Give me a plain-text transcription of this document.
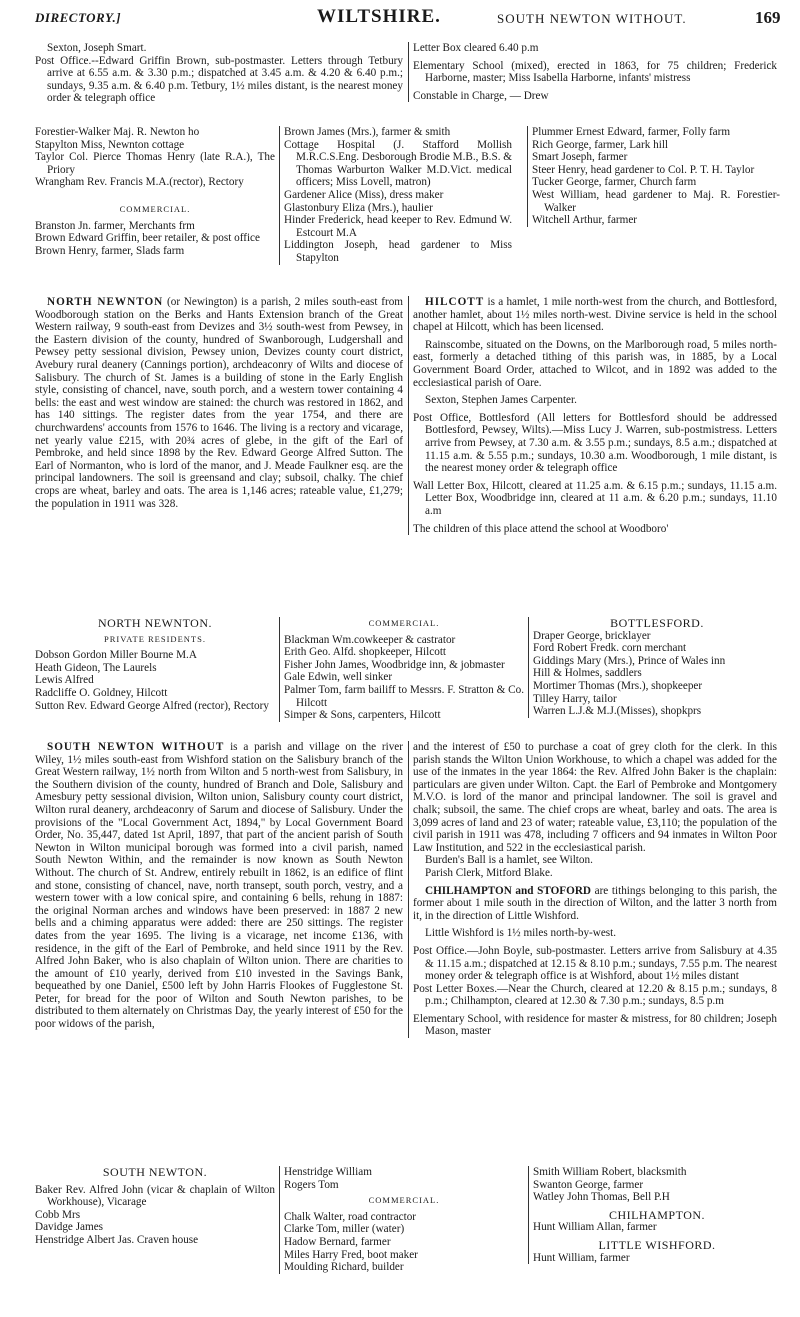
DIRECTORY.]	WILTSHIRE.	SOUTH NEWTON WITHOUT.	169

Sexton, Joseph Smart.

Post Office.--Edward Griffin Brown, sub-postmaster. Letters through Tetbury arrive at 6.55 a.m. & 3.30 p.m.; dispatched at 3.45 a.m. & 4.20 & 6.40 p.m.; sundays, 9.35 a.m. & 6.40 p.m. Tetbury, 1½ miles distant, is the nearest money order & telegraph office

Letter Box cleared 6.40 p.m

Elementary School (mixed), erected in 1863, for 75 children; Frederick Harborne, master; Miss Isabella Harborne, infants' mistress

Constable in Charge, — Drew

Forestier-Walker Maj. R. Newton ho

Stapylton Miss, Newnton cottage

Taylor Col. Pierce Thomas Henry (late R.A.), The Priory

Wrangham Rev. Francis M.A.(rector), Rectory

COMMERCIAL.

Branston Jn. farmer, Merchants frm

Brown Edward Griffin, beer retailer, & post office

Brown Henry, farmer, Slads farm

Brown James (Mrs.), farmer & smith

Cottage Hospital (J. Stafford Mollish M.R.C.S.Eng. Desborough Brodie M.B., B.S. & Thomas Warburton Walker M.D.Vict. medical officers; Miss Lovell, matron)

Gardener Alice (Miss), dress maker

Glastonbury Eliza (Mrs.), haulier

Hinder Frederick, head keeper to Rev. Edmund W. Estcourt M.A

Liddington Joseph, head gardener to Miss Stapylton

Plummer Ernest Edward, farmer, Folly farm

Rich George, farmer, Lark hill

Smart Joseph, farmer

Steer Henry, head gardener to Col. P. T. H. Taylor

Tucker George, farmer, Church farm

West William, head gardener to Maj. R. Forestier-Walker

Witchell Arthur, farmer

NORTH NEWNTON (or Newington) is a parish, 2 miles south-east from Woodborough station on the Berks and Hants Extension branch of the Great Western railway, 9 south-east from Devizes and 3½ south-west from Pewsey, in the Eastern division of the county, hundred of Swanborough, Ludgershall and Pewsey petty sessional division, Pewsey union, Devizes county court district, Avebury rural deanery (Cannings portion), archdeaconry of Wilts and diocese of Salisbury. The church of St. James is a building of stone in the Early English style, consisting of chancel, nave, south porch, and a western tower containing 4 bells: the east and west window are stained: the church was restored in 1862, and has 140 sittings. The register dates from the year 1754, and there are churchwardens' accounts from 1576 to 1646. The living is a rectory and vicarage, net yearly value £215, with 20¾ acres of glebe, in the gift of the Earl of Pembroke, and held since 1898 by the Rev. Edward George Alfred Sutton. The Earl of Normanton, who is lord of the manor, and J. Meade Faulkner esq. are the principal landowners. The soil is greensand and clay; subsoil, chalky. The chief crops are wheat, barley and oats. The area is 1,146 acres; rateable value, £1,279; the population in 1911 was 328.

HILCOTT is a hamlet, 1 mile north-west from the church, and Bottlesford, another hamlet, about 1½ miles north-west. Divine service is held in the school chapel at Hilcott, which has been licensed.

Rainscombe, situated on the Downs, on the Marlborough road, 5 miles north-east, formerly a detached tithing of this parish was, in 1885, by a Local Government Board Order, attached to Wilcot, and in 1892 was added to the ecclesiastical parish of Oare.

Sexton, Stephen James Carpenter.

Post Office, Bottlesford (All letters for Bottlesford should be addressed Bottlesford, Pewsey, Wilts).—Miss Lucy J. Warren, sub-postmistress. Letters arrive from Pewsey, at 7.30 a.m. & 3.55 p.m.; sundays, 8.5 a.m.; dispatched at 11.15 a.m. & 5.55 p.m.; sundays, 10.30 a.m. Woodborough, 1 mile distant, is the nearest money order & telegraph office

Wall Letter Box, Hilcott, cleared at 11.25 a.m. & 6.15 p.m.; sundays, 11.15 a.m. Letter Box, Woodbridge inn, cleared at 11 a.m. & 6.20 p.m.; sundays, 11.10 a.m

The children of this place attend the school at Woodboro'

NORTH NEWNTON.

PRIVATE RESIDENTS.

Dobson Gordon Miller Bourne M.A

Heath Gideon, The Laurels

Lewis Alfred

Radcliffe O. Goldney, Hilcott

Sutton Rev. Edward George Alfred (rector), Rectory

COMMERCIAL.

Blackman Wm.cowkeeper & castrator

Erith Geo. Alfd. shopkeeper, Hilcott

Fisher John James, Woodbridge inn, & jobmaster

Gale Edwin, well sinker

Palmer Tom, farm bailiff to Messrs. F. Stratton & Co. Hilcott

Simper & Sons, carpenters, Hilcott

BOTTLESFORD.

Draper George, bricklayer

Ford Robert Fredk. corn merchant

Giddings Mary (Mrs.), Prince of Wales inn

Hill & Holmes, saddlers

Mortimer Thomas (Mrs.), shopkeeper

Tilley Harry, tailor

Warren L.J.& M.J.(Misses), shopkprs

SOUTH NEWTON WITHOUT is a parish and village on the river Wiley, 1½ miles south-east from Wishford station on the Salisbury branch of the Great Western railway, 1½ north from Wilton and 5 north-west from Salisbury, in the Southern division of the county, hundred of Branch and Dole, Salisbury and Amesbury petty sessional division, Wilton union, Salisbury county court district, Wilton rural deanery, archdeaconry of Sarum and diocese of Salisbury. Under the provisions of the "Local Government Act, 1894," by Local Government Board Order, No. 35,447, dated 1st April, 1897, that part of the ancient parish of South Newton in Wilton municipal borough was formed into a civil parish, named South Newton Within, and the remainder is now known as South Newton Without. The church of St. Andrew, entirely rebuilt in 1862, is an edifice of flint and stone, consisting of chancel, nave, north transept, south porch, vestry, and a western tower with a low conical spire, and containing 6 bells, rehung in 1887: the original Norman arches and windows have been preserved: in 1887 2 new bells and a chiming apparatus were added: there are 250 sittings. The register dates from the year 1695. The living is a vicarage, net income £136, with residence, in the gift of the Earl of Pembroke, and held since 1911 by the Rev. Alfred John Baker, who is also chaplain of Wilton union. There are charities to the amount of £10 yearly, derived from £10 invested in the Savings Bank, bequeathed by one Daniel, £500 left by John Harris Flookes of Fugglestone St. Peter, for bread for the poor of Wilton and South Newton parishes, to be distributed to them alternately on Christmas Day, the yearly interest of £50 for the poor widows of the parish,

and the interest of £50 to purchase a coat of grey cloth for the clerk. In this parish stands the Wilton Union Workhouse, to which a chapel was added for the use of the inmates in the year 1864: the Rev. Alfred John Baker is the chaplain: particulars are given under Wilton. Capt. the Earl of Pembroke and Montgomery M.V.O. is lord of the manor and principal landowner. The soil is gravel and chalk; subsoil, the same. The chief crops are wheat, barley and oats. The area is 3,099 acres of land and 23 of water; rateable value, £3,110; the population of the civil parish in 1911 was 478, including 7 officers and 94 inmates in Wilton Poor Law Institution, and 522 in the ecclesiastical parish.

Burden's Ball is a hamlet, see Wilton.

Parish Clerk, Mitford Blake.

CHILHAMPTON and STOFORD are tithings belonging to this parish, the former about 1 mile south in the direction of Wilton, and the latter 3 north from it, in the direction of Little Wishford.

Little Wishford is 1½ miles north-by-west.

Post Office.—John Boyle, sub-postmaster. Letters arrive from Salisbury at 4.35 & 11.15 a.m.; dispatched at 12.15 & 8.10 p.m.; sundays, 7.55 p.m. The nearest money order & telegraph office is at Wishford, about 1½ miles distant

Post Letter Boxes.—Near the Church, cleared at 12.20 & 8.15 p.m.; sundays, 8 p.m.; Chilhampton, cleared at 12.30 & 7.30 p.m.; sundays, 8.5 p.m

Elementary School, with residence for master & mistress, for 80 children; Joseph Mason, master

SOUTH NEWTON.

Baker Rev. Alfred John (vicar & chaplain of Wilton Workhouse), Vicarage

Cobb Mrs

Davidge James

Henstridge Albert Jas. Craven house

Henstridge William

Rogers Tom

COMMERCIAL.

Chalk Walter, road contractor

Clarke Tom, miller (water)

Hadow Bernard, farmer

Miles Harry Fred, boot maker

Moulding Richard, builder

Smith William Robert, blacksmith

Swanton George, farmer

Watley John Thomas, Bell P.H

CHILHAMPTON.

Hunt William Allan, farmer

LITTLE WISHFORD.

Hunt William, farmer
